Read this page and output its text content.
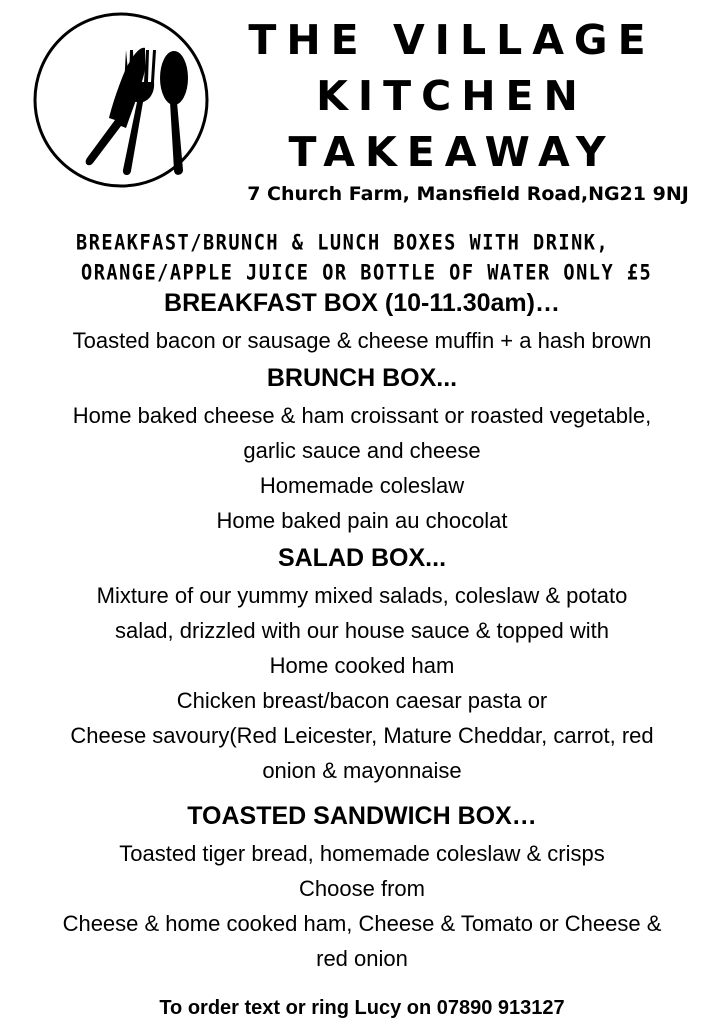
THE VILLAGE
KITCHEN
TAKEAWAY
7 Church Farm, Mansfield Road,NG21 9NJ
BREAKFAST/BRUNCH & LUNCH BOXES WITH DRINK,
ORANGE/APPLE JUICE OR BOTTLE OF WATER ONLY £5
BREAKFAST BOX (10-11.30am)…
Toasted bacon or sausage & cheese muffin + a hash brown
BRUNCH BOX...
Home baked cheese & ham croissant or roasted vegetable,
garlic sauce and cheese
Homemade coleslaw
Home baked pain au chocolat
SALAD BOX...
Mixture of our yummy mixed salads, coleslaw & potato
salad, drizzled with our house sauce & topped with
Home cooked ham
Chicken breast/bacon caesar pasta or
Cheese savoury(Red Leicester, Mature Cheddar, carrot, red
onion & mayonnaise
TOASTED SANDWICH BOX…
Toasted tiger bread, homemade coleslaw & crisps
Choose from
Cheese & home cooked ham, Cheese & Tomato or Cheese &
red onion
To order text or ring Lucy on 07890 913127
